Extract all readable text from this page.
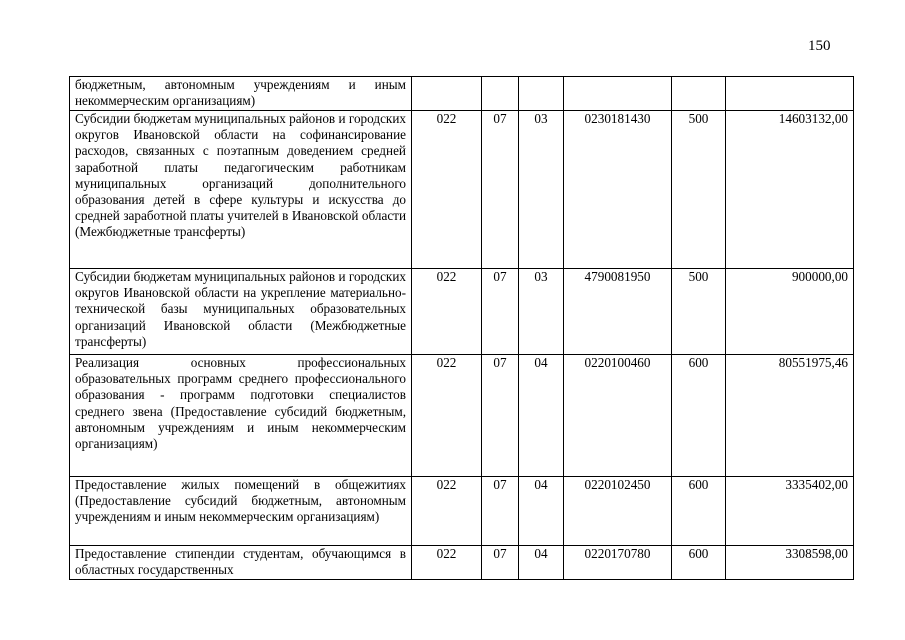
150
бюджетным, автономным учреждениям и иным некоммерческим организациям)						
Субсидии бюджетам муниципальных районов и городских округов Ивановской области на софинансирование расходов, связанных с поэтапным доведением средней заработной платы педагогическим работникам муниципальных организаций дополнительного образования детей в сфере культуры и искусства до средней заработной платы учителей в Ивановской области (Межбюджетные трансферты)	022	07	03	0230181430	500	14603132,00
Субсидии бюджетам муниципальных районов и городских округов Ивановской области на укрепление материально-технической базы муниципальных образовательных организаций Ивановской области (Межбюджетные трансферты)	022	07	03	4790081950	500	900000,00
Реализация основных профессиональных образовательных программ среднего профессионального образования - программ подготовки специалистов среднего звена (Предоставление субсидий бюджетным, автономным учреждениям и иным некоммерческим организациям)	022	07	04	0220100460	600	80551975,46
Предоставление жилых помещений в общежитиях (Предоставление субсидий бюджетным, автономным учреждениям и иным некоммерческим организациям)	022	07	04	0220102450	600	3335402,00
Предоставление стипендии студентам, обучающимся в областных государственных	022	07	04	0220170780	600	3308598,00
